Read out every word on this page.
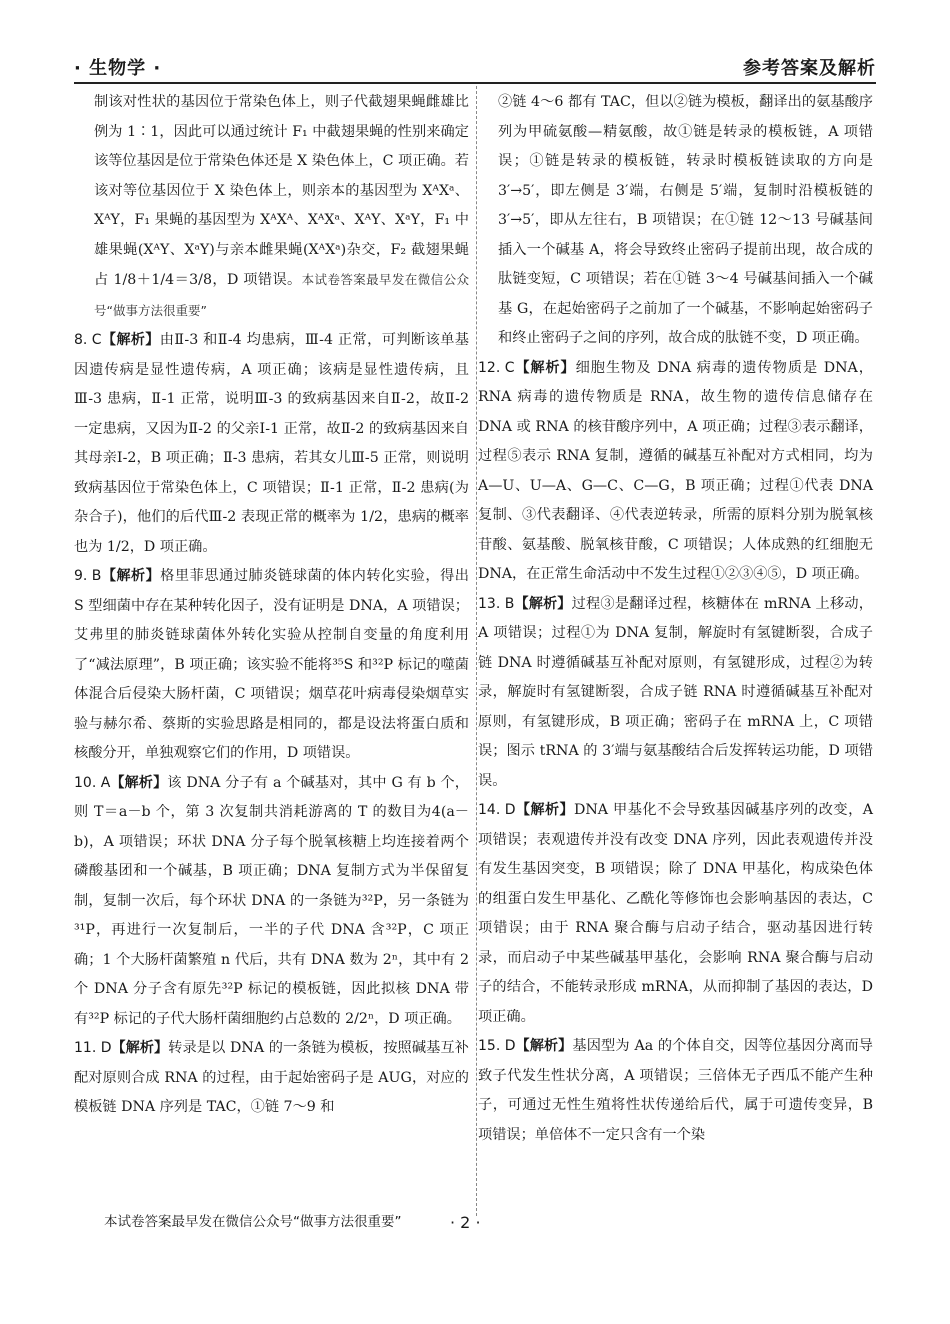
· 生物学 ·	参考答案及解析
制该对性状的基因位于常染色体上，则子代截翅果蝇雌雄比例为 1∶1，因此可以通过统计 F₁ 中截翅果蝇的性别来确定该等位基因是位于常染色体还是 X 染色体上，C 项正确。若该对等位基因位于 X 染色体上，则亲本的基因型为 XᴬXᵃ、XᴬY，F₁ 果蝇的基因型为 XᴬXᴬ、XᴬXᵃ、XᴬY、XᵃY，F₁ 中雄果蝇(XᴬY、XᵃY)与亲本雌果蝇(XᴬXᵃ)杂交，F₂ 截翅果蝇占 1/8＋1/4＝3/8，D 项错误。本试卷答案最早发在微信公众号“做事方法很重要”
8. C【解析】由Ⅱ-3 和Ⅱ-4 均患病，Ⅲ-4 正常，可判断该单基因遗传病是显性遗传病，A 项正确；该病是显性遗传病，且Ⅲ-3 患病，Ⅱ-1 正常，说明Ⅲ-3 的致病基因来自Ⅱ-2，故Ⅱ-2 一定患病，又因为Ⅱ-2 的父亲Ⅰ-1 正常，故Ⅱ-2 的致病基因来自其母亲Ⅰ-2，B 项正确；Ⅱ-3 患病，若其女儿Ⅲ-5 正常，则说明致病基因位于常染色体上，C 项错误；Ⅱ-1 正常，Ⅱ-2 患病(为杂合子)，他们的后代Ⅲ-2 表现正常的概率为 1/2，患病的概率也为 1/2，D 项正确。
9. B【解析】格里菲思通过肺炎链球菌的体内转化实验，得出 S 型细菌中存在某种转化因子，没有证明是 DNA，A 项错误；艾弗里的肺炎链球菌体外转化实验从控制自变量的角度利用了“减法原理”，B 项正确；该实验不能将³⁵S 和³²P 标记的噬菌体混合后侵染大肠杆菌，C 项错误；烟草花叶病毒侵染烟草实验与赫尔希、蔡斯的实验思路是相同的，都是设法将蛋白质和核酸分开，单独观察它们的作用，D 项错误。
10. A【解析】该 DNA 分子有 a 个碱基对，其中 G 有 b 个，则 T＝a－b 个，第 3 次复制共消耗游离的 T 的数目为4(a－b)，A 项错误；环状 DNA 分子每个脱氧核糖上均连接着两个磷酸基团和一个碱基，B 项正确；DNA 复制方式为半保留复制，复制一次后，每个环状 DNA 的一条链为³²P，另一条链为³¹P，再进行一次复制后，一半的子代 DNA 含³²P，C 项正确；1 个大肠杆菌繁殖 n 代后，共有 DNA 数为 2ⁿ，其中有 2 个 DNA 分子含有原先³²P 标记的模板链，因此拟核 DNA 带有³²P 标记的子代大肠杆菌细胞约占总数的 2/2ⁿ，D 项正确。
11. D【解析】转录是以 DNA 的一条链为模板，按照碱基互补配对原则合成 RNA 的过程，由于起始密码子是 AUG，对应的模板链 DNA 序列是 TAC，①链 7～9 和
②链 4～6 都有 TAC，但以②链为模板，翻译出的氨基酸序列为甲硫氨酸—精氨酸，故①链是转录的模板链，A 项错误；①链是转录的模板链，转录时模板链读取的方向是 3′→5′，即左侧是 3′端，右侧是 5′端，复制时沿模板链的 3′→5′，即从左往右，B 项错误；在①链 12～13 号碱基间插入一个碱基 A，将会导致终止密码子提前出现，故合成的肽链变短，C 项错误；若在①链 3～4 号碱基间插入一个碱基 G，在起始密码子之前加了一个碱基，不影响起始密码子和终止密码子之间的序列，故合成的肽链不变，D 项正确。
12. C【解析】细胞生物及 DNA 病毒的遗传物质是 DNA，RNA 病毒的遗传物质是 RNA，故生物的遗传信息储存在 DNA 或 RNA 的核苷酸序列中，A 项正确；过程③表示翻译，过程⑤表示 RNA 复制，遵循的碱基互补配对方式相同，均为 A—U、U—A、G—C、C—G，B 项正确；过程①代表 DNA 复制、③代表翻译、④代表逆转录，所需的原料分别为脱氧核苷酸、氨基酸、脱氧核苷酸，C 项错误；人体成熟的红细胞无 DNA，在正常生命活动中不发生过程①②③④⑤，D 项正确。
13. B【解析】过程③是翻译过程，核糖体在 mRNA 上移动，A 项错误；过程①为 DNA 复制，解旋时有氢键断裂，合成子链 DNA 时遵循碱基互补配对原则，有氢键形成，过程②为转录，解旋时有氢键断裂，合成子链 RNA 时遵循碱基互补配对原则，有氢键形成，B 项正确；密码子在 mRNA 上，C 项错误；图示 tRNA 的 3′端与氨基酸结合后发挥转运功能，D 项错误。
14. D【解析】DNA 甲基化不会导致基因碱基序列的改变，A 项错误；表观遗传并没有改变 DNA 序列，因此表观遗传并没有发生基因突变，B 项错误；除了 DNA 甲基化，构成染色体的组蛋白发生甲基化、乙酰化等修饰也会影响基因的表达，C 项错误；由于 RNA 聚合酶与启动子结合，驱动基因进行转录，而启动子中某些碱基甲基化，会影响 RNA 聚合酶与启动子的结合，不能转录形成 mRNA，从而抑制了基因的表达，D 项正确。
15. D【解析】基因型为 Aa 的个体自交，因等位基因分离而导致子代发生性状分离，A 项错误；三倍体无子西瓜不能产生种子，可通过无性生殖将性状传递给后代，属于可遗传变异，B 项错误；单倍体不一定只含有一个染
本试卷答案最早发在微信公众号“做事方法很重要”	· 2 ·
